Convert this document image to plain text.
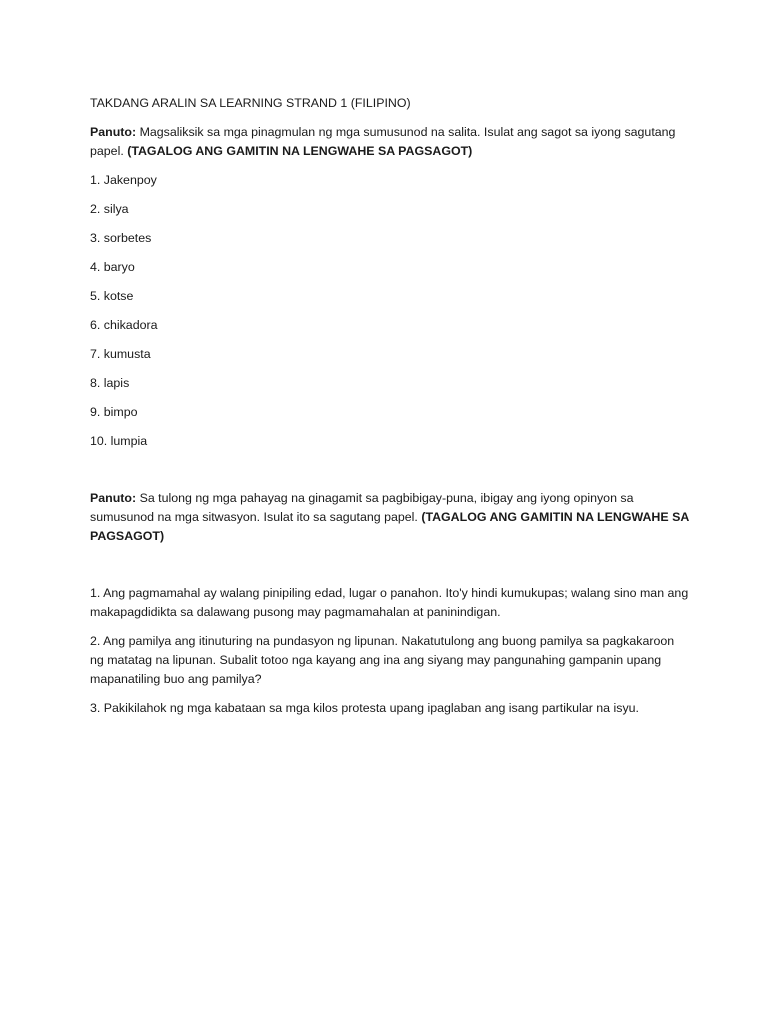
TAKDANG ARALIN SA LEARNING STRAND 1 (FILIPINO)

Panuto: Magsaliksik sa mga pinagmulan ng mga sumusunod na salita. Isulat ang sagot sa iyong sagutang papel. (TAGALOG ANG GAMITIN NA LENGWAHE SA PAGSAGOT)

1. Jakenpoy
2. silya
3. sorbetes
4. baryo
5. kotse
6. chikadora
7. kumusta
8. lapis
9. bimpo
10. lumpia

Panuto: Sa tulong ng mga pahayag na ginagamit sa pagbibigay-puna, ibigay ang iyong opinyon sa sumusunod na mga sitwasyon. Isulat ito sa sagutang papel. (TAGALOG ANG GAMITIN NA LENGWAHE SA PAGSAGOT)

1. Ang pagmamahal ay walang pinipiling edad, lugar o panahon. Ito'y hindi kumukupas; walang sino man ang makapagdidikta sa dalawang pusong may pagmamahalan at paninindigan.

2. Ang pamilya ang itinuturing na pundasyon ng lipunan. Nakatutulong ang buong pamilya sa pagkakaroon ng matatag na lipunan. Subalit totoo nga kayang ang ina ang siyang may pangunahing gampanin upang mapanatiling buo ang pamilya?

3. Pakikilahok ng mga kabataan sa mga kilos protesta upang ipaglaban ang isang partikular na isyu.
